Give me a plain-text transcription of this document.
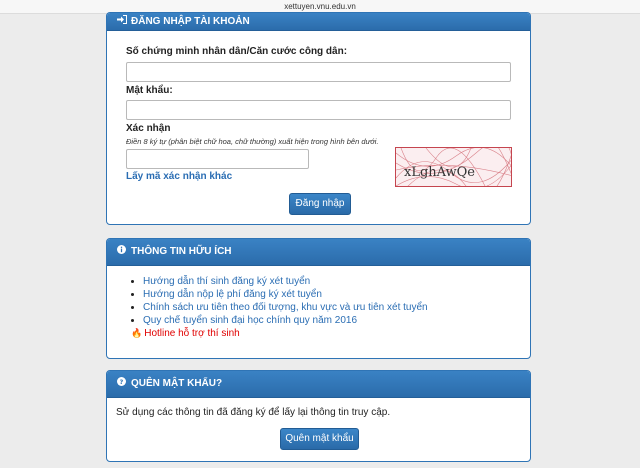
xettuyen.vnu.edu.vn
ĐĂNG NHẬP TÀI KHOẢN
Số chứng minh nhân dân/Căn cước công dân:
Mật khẩu:
Xác nhận
Điền 8 ký tự (phân biệt chữ hoa, chữ thường) xuất hiện trong hình bên dưới.
xLghAwQe
Lấy mã xác nhận khác
Đăng nhập
THÔNG TIN HỮU ÍCH
• Hướng dẫn thí sinh đăng ký xét tuyển
• Hướng dẫn nộp lệ phí đăng ký xét tuyển
• Chính sách ưu tiên theo đối tượng, khu vực và ưu tiên xét tuyển
• Quy chế tuyển sinh đại học chính quy năm 2016
🔥 Hotline hỗ trợ thí sinh
? QUÊN MẬT KHẨU?
Sử dụng các thông tin đã đăng ký để lấy lại thông tin truy cập.
Quên mật khẩu
